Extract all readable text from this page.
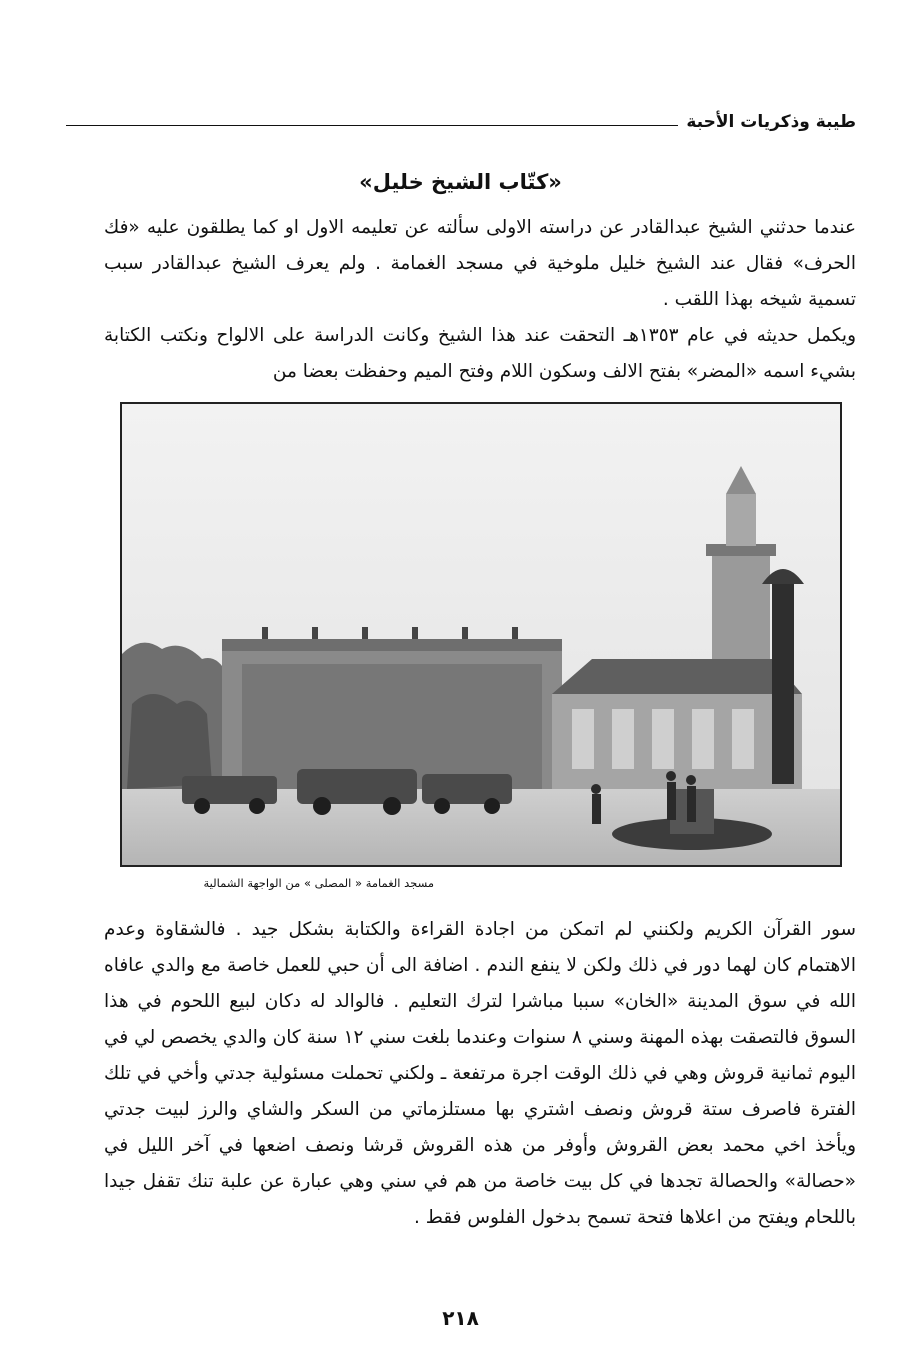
طيبة وذكريات الأحبة
«كتّاب الشيخ خليل»

عندما حدثني الشيخ عبدالقادر عن دراسته الاولى سألته عن تعليمه الاول او كما يطلقون عليه «فك الحرف» فقال عند الشيخ خليل ملوخية في مسجد الغمامة . ولم يعرف الشيخ عبدالقادر سبب تسمية شيخه بهذا اللقب .

ويكمل حديثه في عام ١٣٥٣هـ التحقت عند هذا الشيخ وكانت الدراسة على الالواح ونكتب الكتابة بشيء اسمه «المضر» بفتح الالف وسكون اللام وفتح الميم وحفظت بعضا من

مسجد الغمامة « المصلى » من الواجهة الشمالية

سور القرآن الكريم ولكنني لم اتمكن من اجادة القراءة والكتابة بشكل جيد . فالشقاوة وعدم الاهتمام كان لهما دور في ذلك ولكن لا ينفع الندم . اضافة الى أن حبي للعمل خاصة مع والدي عافاه الله في سوق المدينة «الخان» سببا مباشرا لترك التعليم . فالوالد له دكان لبيع اللحوم في هذا السوق فالتصقت بهذه المهنة وسني ٨ سنوات وعندما بلغت سني ١٢ سنة كان والدي يخصص لي في اليوم ثمانية قروش وهي في ذلك الوقت اجرة مرتفعة ـ ولكني تحملت مسئولية جدتي وأخي في تلك الفترة فاصرف ستة قروش ونصف اشتري بها مستلزماتي من السكر والشاي والرز لبيت جدتي ويأخذ اخي محمد بعض القروش وأوفر من هذه القروش قرشا ونصف اضعها في آخر الليل في «حصالة» والحصالة تجدها في كل بيت خاصة من هم في سني وهي عبارة عن علبة تنك تقفل جيدا باللحام ويفتح من اعلاها فتحة تسمح بدخول الفلوس فقط .

٢١٨
